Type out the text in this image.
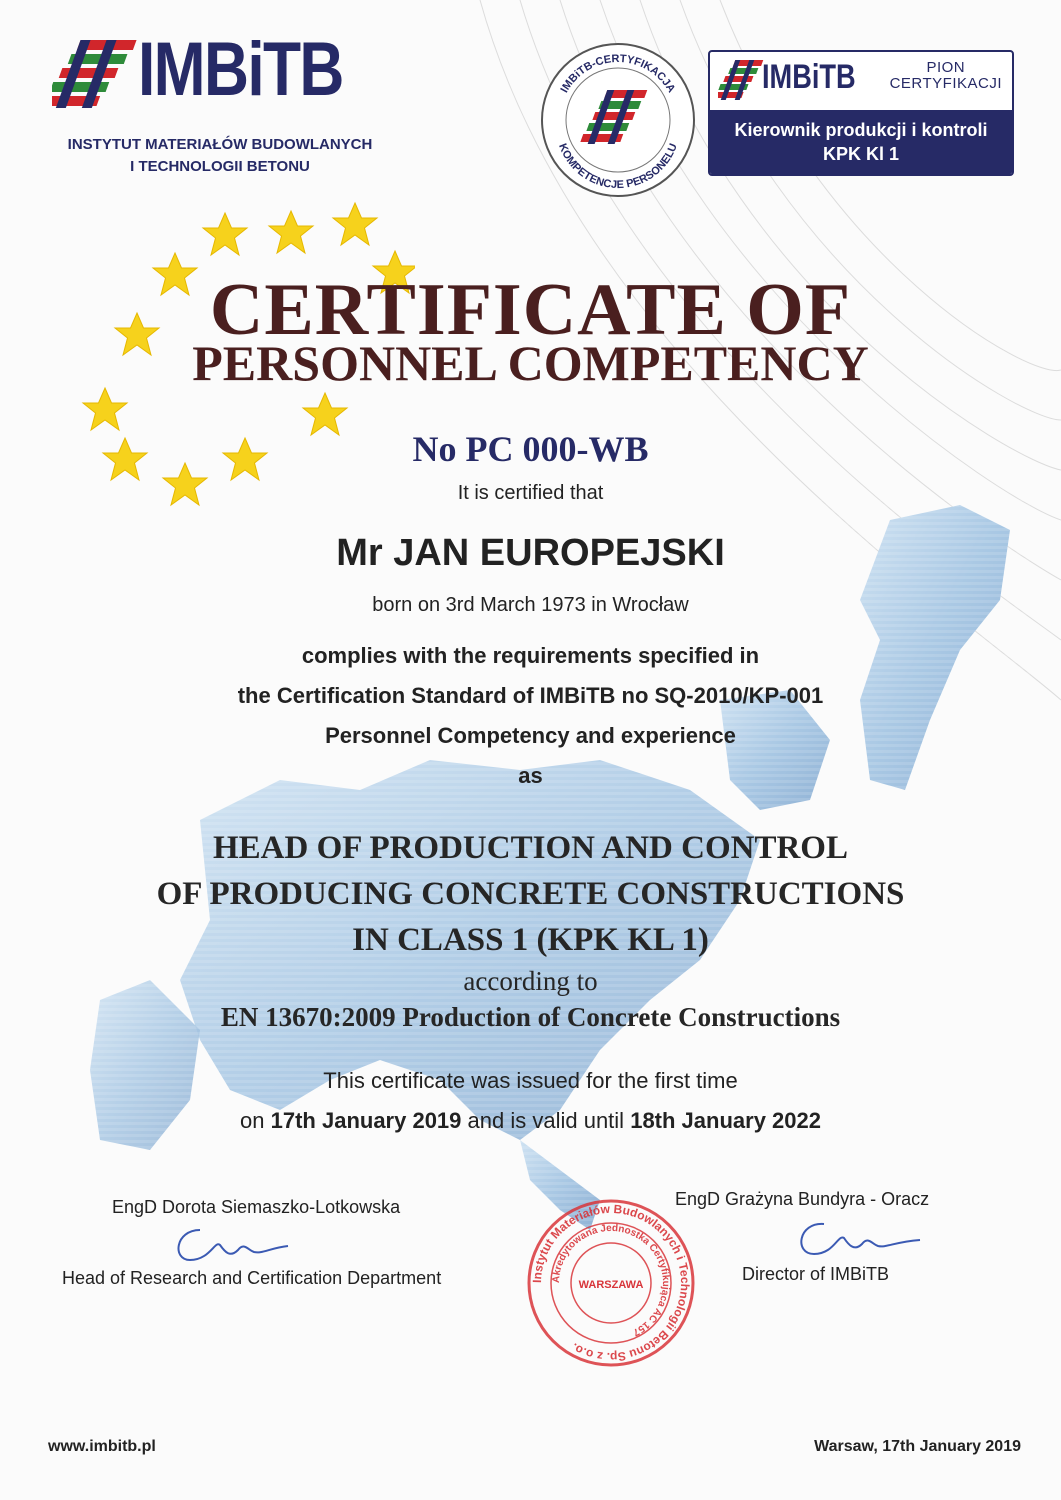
IMBiTB
INSTYTUT MATERIAŁÓW BUDOWLANYCH
I TECHNOLOGII BETONU
IMBiTB-CERTYFIKACJA
KOMPETENCJE PERSONELU
IMBiTB	PION
CERTYFIKACJI
Kierownik produkcji i kontroli
KPK Kl 1
CERTIFICATE OF
PERSONNEL COMPETENCY
No PC 000-WB
It is certified that
Mr JAN EUROPEJSKI
born on 3rd March 1973 in Wrocław
complies with the requirements specified in
the Certification Standard of IMBiTB no SQ-2010/KP-001
Personnel Competency and experience
as
HEAD OF PRODUCTION AND CONTROL
OF PRODUCING CONCRETE CONSTRUCTIONS
IN CLASS 1 (KPK KL 1)
according to
EN 13670:2009 Production of Concrete Constructions
This certificate was issued for the first time
on 17th January 2019 and is valid until 18th January 2022
EngD Dorota Siemaszko-Lotkowska
Head of Research and Certification Department
EngD Grażyna Bundyra - Oracz
Director of IMBiTB
Instytut Materiałów Budowlanych i Technologii Betonu Sp. z o.o.
Akredytowana Jednostka Certyfikująca AC 157
WARSZAWA
www.imbitb.pl	Warsaw, 17th January 2019
